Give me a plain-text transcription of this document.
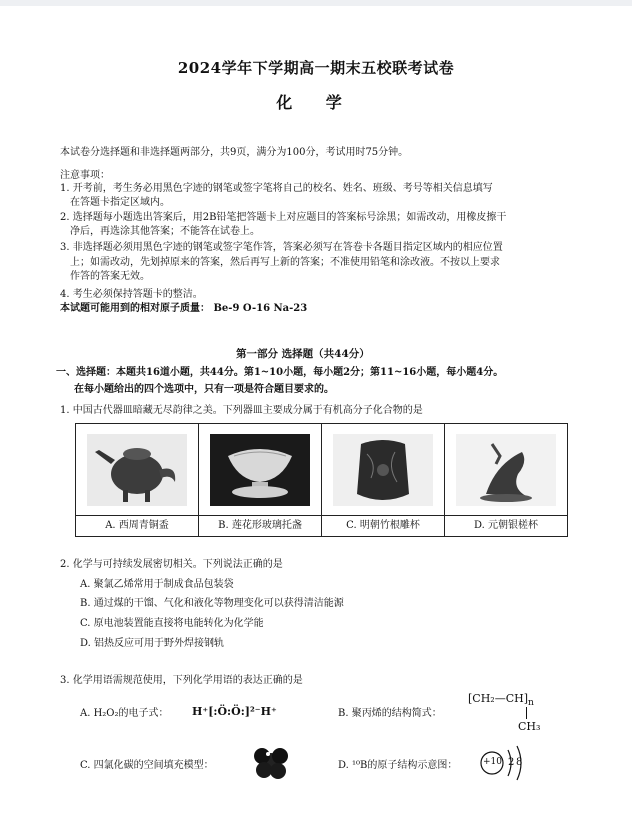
2024学年下学期高一期末五校联考试卷
化 学
本试卷分选择题和非选择题两部分，共9页，满分为100分，考试用时75分钟。
注意事项：
1. 开考前，考生务必用黑色字迹的钢笔或签字笔将自己的校名、姓名、班级、考号等相关信息填写
在答题卡指定区域内。
2. 选择题每小题选出答案后，用2B铅笔把答题卡上对应题目的答案标号涂黑；如需改动，用橡皮擦干
净后，再选涂其他答案；不能答在试卷上。
3. 非选择题必须用黑色字迹的钢笔或签字笔作答，答案必须写在答卷卡各题目指定区域内的相应位置
上；如需改动，先划掉原来的答案，然后再写上新的答案；不准使用铅笔和涂改液。不按以上要求
作答的答案无效。
4. 考生必须保持答题卡的整洁。
本试题可能用到的相对原子质量： Be-9 O-16 Na-23
第一部分 选择题（共44分）
一、选择题：本题共16道小题，共44分。第1~10小题，每小题2分；第11~16小题，每小题4分。
在每小题给出的四个选项中，只有一项是符合题目要求的。
1. 中国古代器皿暗藏无尽韵律之美。下列器皿主要成分属于有机高分子化合物的是

A. 西周青铜盉	B. 莲花形玻璃托盏	C. 明朝竹根雕杯	D. 元朝银槎杯
2. 化学与可持续发展密切相关。下列说法正确的是
A. 聚氯乙烯常用于制成食品包装袋
B. 通过煤的干馏、气化和液化等物理变化可以获得清洁能源
C. 原电池装置能直接将电能转化为化学能
D. 铝热反应可用于野外焊接钢轨
3. 化学用语需规范使用，下列化学用语的表达正确的是
A. H₂O₂的电子式： H⁺[:Ö:Ö:]²⁻H⁺	B. 聚丙烯的结构简式：
$[CH_2—CH]_n$
CH₃
C. 四氯化碳的空间填充模型：	D. ¹⁰B的原子结构示意图：	+10 2 8
